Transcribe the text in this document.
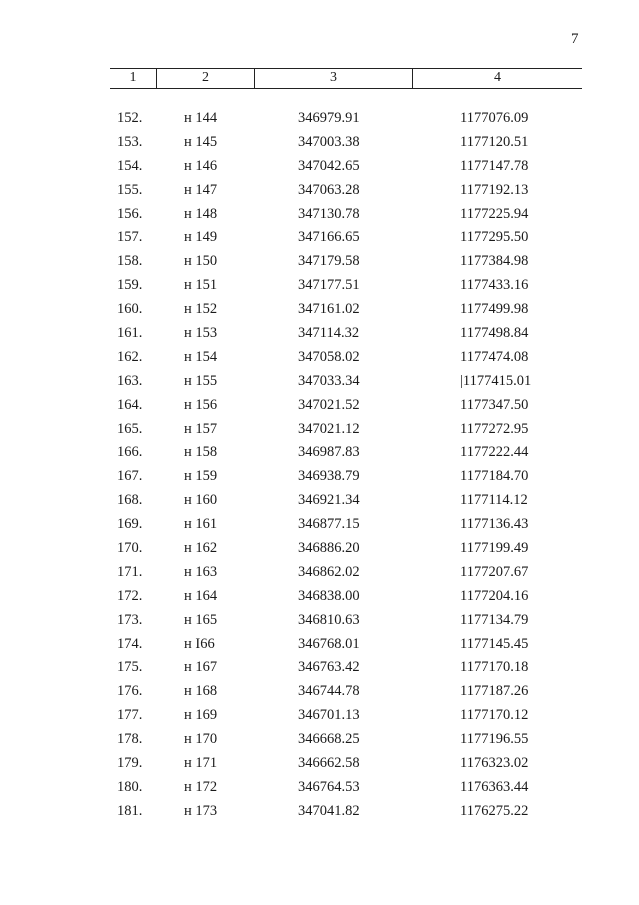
7
1	2	3	4
152.	н 144	346979.91	1177076.09
153.	н 145	347003.38	1177120.51
154.	н 146	347042.65	1177147.78
155.	н 147	347063.28	1177192.13
156.	н 148	347130.78	1177225.94
157.	н 149	347166.65	1177295.50
158.	н 150	347179.58	1177384.98
159.	н 151	347177.51	1177433.16
160.	н 152	347161.02	1177499.98
161.	н 153	347114.32	1177498.84
162.	н 154	347058.02	1177474.08
163.	н 155	347033.34	|1177415.01
164.	н 156	347021.52	1177347.50
165.	н 157	347021.12	1177272.95
166.	н 158	346987.83	1177222.44
167.	н 159	346938.79	1177184.70
168.	н 160	346921.34	1177114.12
169.	н 161	346877.15	1177136.43
170.	н 162	346886.20	1177199.49
171.	н 163	346862.02	1177207.67
172.	н 164	346838.00	1177204.16
173.	н 165	346810.63	1177134.79
174.	н I66	346768.01	1177145.45
175.	н 167	346763.42	1177170.18
176.	н 168	346744.78	1177187.26
177.	н 169	346701.13	1177170.12
178.	н 170	346668.25	1177196.55
179.	н 171	346662.58	1176323.02
180.	н 172	346764.53	1176363.44
181.	н 173	347041.82	1176275.22
